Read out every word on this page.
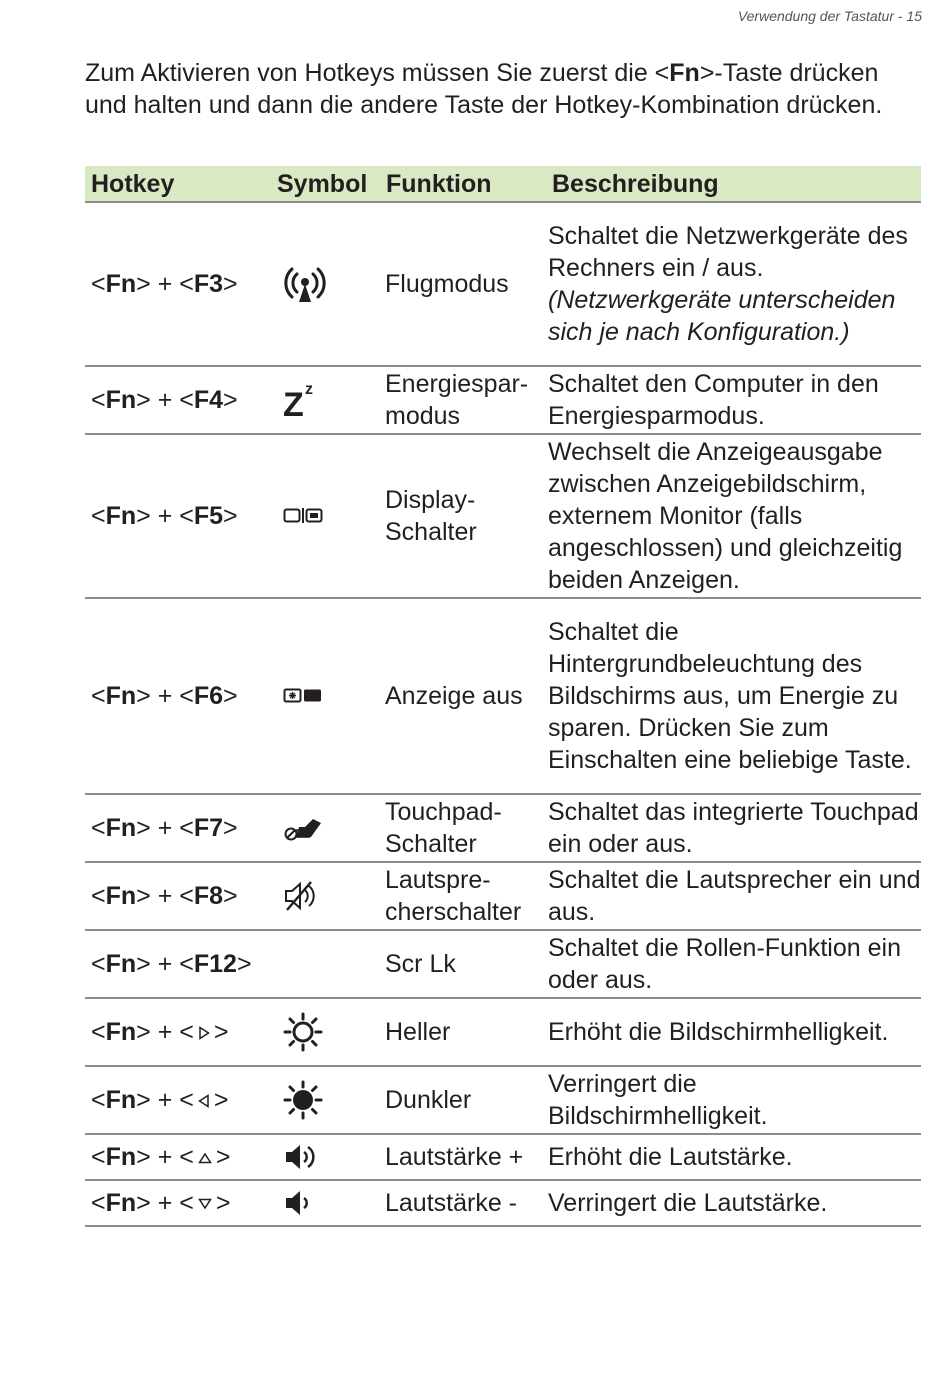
Verwendung der Tastatur - 15

Zum Aktivieren von Hotkeys müssen Sie zuerst die <Fn>-Taste drücken und halten und dann die andere Taste der Hotkey-Kombination drücken.

Hotkey	Symbol	Funktion	Beschreibung
<Fn> + <F3>		Flugmodus	Schaltet die Netzwerkgeräte des Rechners ein / aus.
(Netzwerkgeräte unterscheiden sich je nach Konfiguration.)
<Fn> + <F4>	Z z	Energiespar-modus	Schaltet den Computer in den Energiesparmodus.
<Fn> + <F5>		Display-Schalter	Wechselt die Anzeigeausgabe zwischen Anzeigebildschirm, externem Monitor (falls angeschlossen) und gleichzeitig beiden Anzeigen.
<Fn> + <F6>		Anzeige aus	Schaltet die Hintergrundbeleuchtung des Bildschirms aus, um Energie zu sparen. Drücken Sie zum Einschalten eine beliebige Taste.
<Fn> + <F7>		Touchpad-Schalter	Schaltet das integrierte Touchpad ein oder aus.
<Fn> + <F8>		Lautspre-cherschalter	Schaltet die Lautsprecher ein und aus.
<Fn> + <F12>		Scr Lk	Schaltet die Rollen-Funktion ein oder aus.
<Fn> + < >		Heller	Erhöht die Bildschirmhelligkeit.
<Fn> + < >		Dunkler	Verringert die Bildschirmhelligkeit.
<Fn> + < >		Lautstärke +	Erhöht die Lautstärke.
<Fn> + < >		Lautstärke -	Verringert die Lautstärke.
